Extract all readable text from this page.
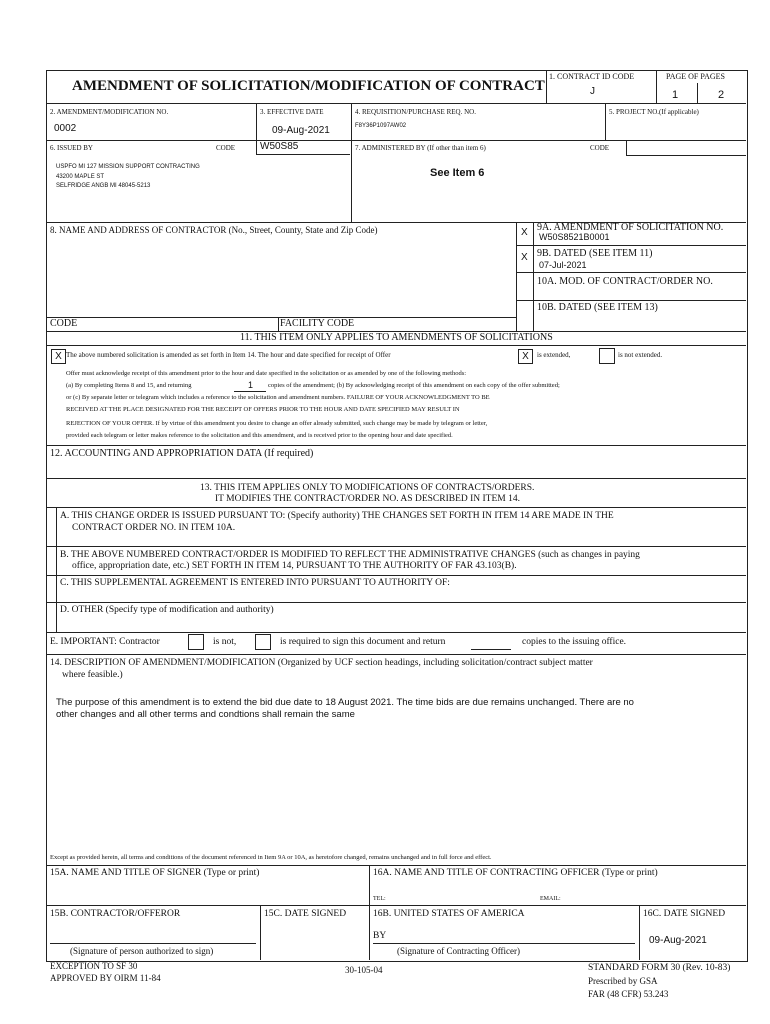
AMENDMENT OF SOLICITATION/MODIFICATION OF CONTRACT
1. CONTRACT ID CODE
J
PAGE OF PAGES
1	2
2. AMENDMENT/MODIFICATION NO.
0002
3. EFFECTIVE DATE
09-Aug-2021
4. REQUISITION/PURCHASE REQ. NO.
F8Y36P1097AW02
5. PROJECT NO.(If applicable)
6. ISSUED BY	CODE	W50S85
USPFO MI 127 MISSION SUPPORT CONTRACTING
43200 MAPLE ST
SELFRIDGE ANGB MI 48045-5213
7. ADMINISTERED BY (If other than item 6)	CODE
See Item 6
8. NAME AND ADDRESS OF CONTRACTOR (No., Street, County, State and Zip Code)	X 9A. AMENDMENT OF SOLICITATION NO.
W50S8521B0001
X 9B. DATED (SEE ITEM 11)
07-Jul-2021
10A. MOD. OF CONTRACT/ORDER NO.
10B. DATED (SEE ITEM 13)
CODE	FACILITY CODE
11. THIS ITEM ONLY APPLIES TO AMENDMENTS OF SOLICITATIONS
X The above numbered solicitation is amended as set forth in Item 14. The hour and date specified for receipt of Offer	X	is extended,	is not extended.
Offer must acknowledge receipt of this amendment prior to the hour and date specified in the solicitation or as amended by one of the following methods:
(a) By completing Items 8 and 15, and returning	1 copies of the amendment; (b) By acknowledging receipt of this amendment on each copy of the offer submitted;
or (c) By separate letter or telegram which includes a reference to the solicitation and amendment numbers. FAILURE OF YOUR ACKNOWLEDGMENT TO BE
RECEIVED AT THE PLACE DESIGNATED FOR THE RECEIPT OF OFFERS PRIOR TO THE HOUR AND DATE SPECIFIED MAY RESULT IN
REJECTION OF YOUR OFFER. If by virtue of this amendment you desire to change an offer already submitted, such change may be made by telegram or letter,
provided each telegram or letter makes reference to the solicitation and this amendment, and is received prior to the opening hour and date specified.
12. ACCOUNTING AND APPROPRIATION DATA (If required)
13. THIS ITEM APPLIES ONLY TO MODIFICATIONS OF CONTRACTS/ORDERS.
IT MODIFIES THE CONTRACT/ORDER NO. AS DESCRIBED IN ITEM 14.
A. THIS CHANGE ORDER IS ISSUED PURSUANT TO: (Specify authority) THE CHANGES SET FORTH IN ITEM 14 ARE MADE IN THE
CONTRACT ORDER NO. IN ITEM 10A.
B. THE ABOVE NUMBERED CONTRACT/ORDER IS MODIFIED TO REFLECT THE ADMINISTRATIVE CHANGES (such as changes in paying
office, appropriation date, etc.) SET FORTH IN ITEM 14, PURSUANT TO THE AUTHORITY OF FAR 43.103(B).
C. THIS SUPPLEMENTAL AGREEMENT IS ENTERED INTO PURSUANT TO AUTHORITY OF:
D. OTHER (Specify type of modification and authority)
E. IMPORTANT: Contractor	is not,	is required to sign this document and return	copies to the issuing office.
14. DESCRIPTION OF AMENDMENT/MODIFICATION (Organized by UCF section headings, including solicitation/contract subject matter
where feasible.)
The purpose of this amendment is to extend the bid due date to 18 August 2021. The time bids are due remains unchanged. There are no
other changes and all other terms and condtions shall remain the same
Except as provided herein, all terms and conditions of the document referenced in Item 9A or 10A, as heretofore changed, remains unchanged and in full force and effect.
15A. NAME AND TITLE OF SIGNER (Type or print)	16A. NAME AND TITLE OF CONTRACTING OFFICER (Type or print)
TEL:	EMAIL:
15B. CONTRACTOR/OFFEROR	15C. DATE SIGNED	16B. UNITED STATES OF AMERICA	16C. DATE SIGNED
BY	09-Aug-2021
(Signature of person authorized to sign)	(Signature of Contracting Officer)
EXCEPTION TO SF 30
APPROVED BY OIRM 11-84
30-105-04	STANDARD FORM 30 (Rev. 10-83)
Prescribed by GSA
FAR (48 CFR) 53.243
